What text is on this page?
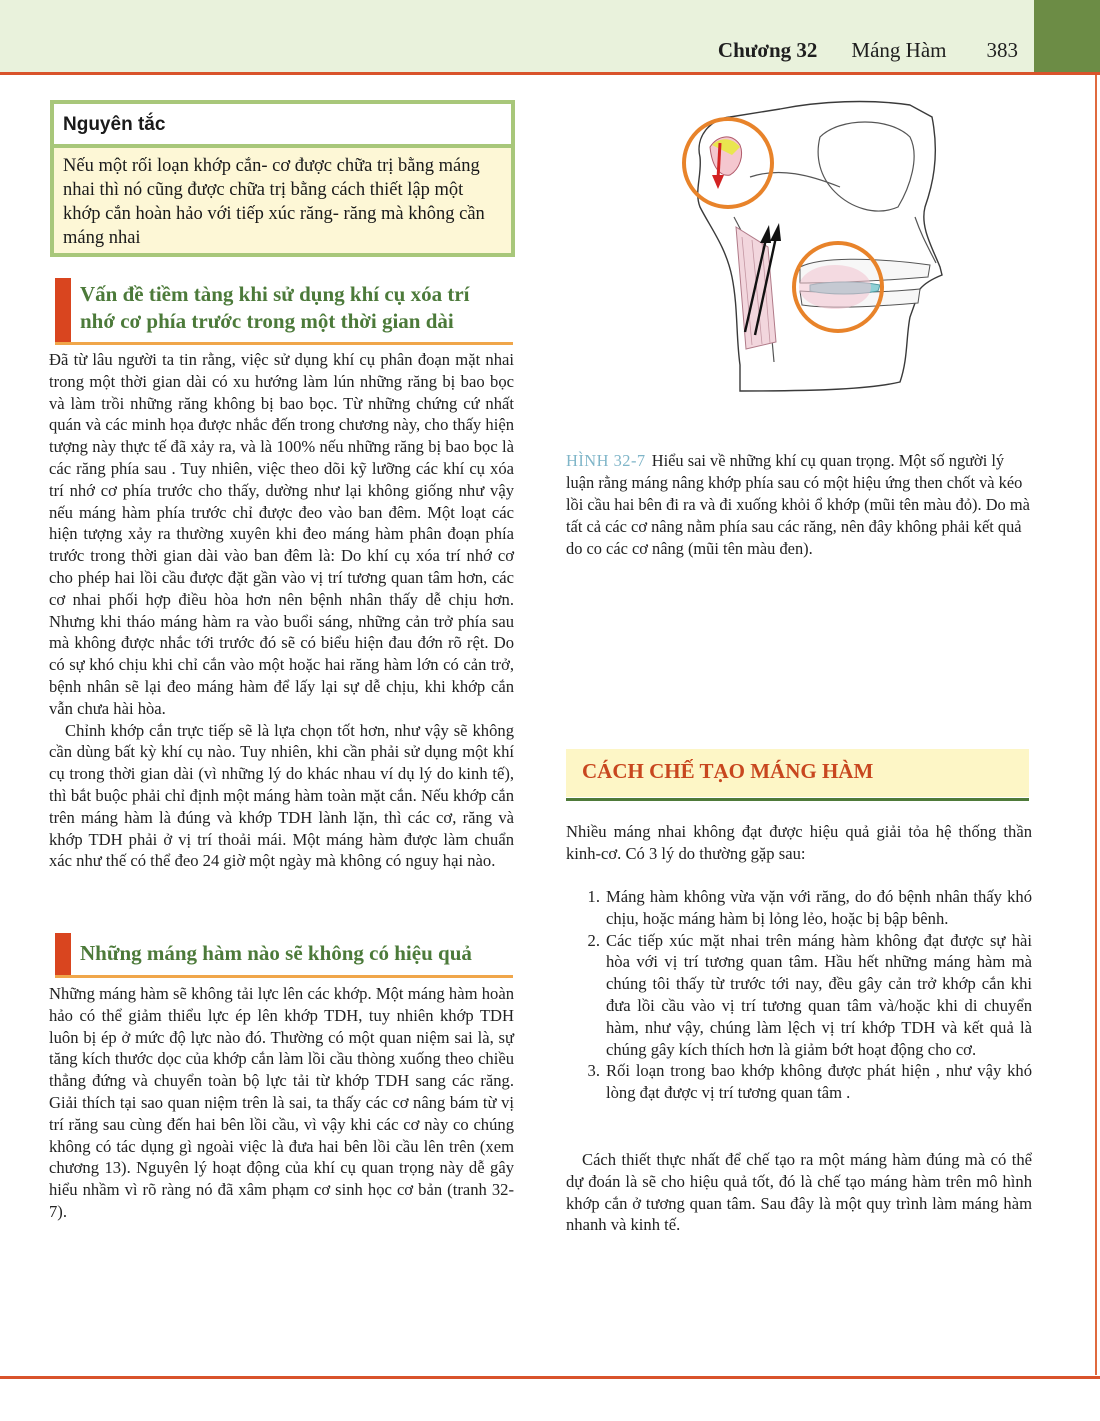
Chương 32 Máng Hàm 383
Nguyên tắc
Nếu một rối loạn khớp cắn- cơ được chữa trị bằng máng nhai thì nó cũng được chữa trị bằng cách thiết lập một khớp cắn hoàn hảo với tiếp xúc răng- răng mà không cần máng nhai
Vấn đề tiềm tàng khi sử dụng khí cụ xóa trí
nhớ cơ phía trước trong một thời gian dài

Đã từ lâu người ta tin rằng, việc sử dụng khí cụ phân đoạn mặt nhai trong một thời gian dài có xu hướng làm lún những răng bị bao bọc và làm trồi những răng không bị bao bọc. Từ những chứng cứ nhất quán và các minh họa được nhắc đến trong chương này, cho thấy hiện tượng này thực tế đã xảy ra, và là 100% nếu những răng bị bao bọc là các răng phía sau . Tuy nhiên, việc theo dõi kỹ lưỡng các khí cụ xóa trí nhớ cơ phía trước cho thấy, dường như lại không giống như vậy nếu máng hàm phía trước chỉ được đeo vào ban đêm. Một loạt các hiện tượng xảy ra thường xuyên khi đeo máng hàm phân đoạn phía trước trong thời gian dài vào ban đêm là: Do khí cụ xóa trí nhớ cơ cho phép hai lồi cầu được đặt gần vào vị trí tương quan tâm hơn, các cơ nhai phối hợp điều hòa hơn nên bệnh nhân thấy dễ chịu hơn. Nhưng khi tháo máng hàm ra vào buổi sáng, những cản trở phía sau mà không được nhắc tới trước đó sẽ có biểu hiện đau đớn rõ rệt. Do có sự khó chịu khi chỉ cắn vào một hoặc hai răng hàm lớn có cản trở, bệnh nhân sẽ lại đeo máng hàm để lấy lại sự dễ chịu, khi khớp cắn vẫn chưa hài hòa.

Chỉnh khớp cắn trực tiếp sẽ là lựa chọn tốt hơn, như vậy sẽ không cần dùng bất kỳ khí cụ nào. Tuy nhiên, khi cần phải sử dụng một khí cụ trong thời gian dài (vì những lý do khác nhau ví dụ lý do kinh tế), thì bắt buộc phải chỉ định một máng hàm toàn mặt cắn. Nếu khớp cắn trên máng hàm là đúng và khớp TDH lành lặn, thì các cơ, răng và khớp TDH phải ở vị trí thoải mái. Một máng hàm được làm chuẩn xác như thế có thể đeo 24 giờ một ngày mà không có nguy hại nào.

Những máng hàm nào sẽ không có hiệu quả

Những máng hàm sẽ không tải lực lên các khớp. Một máng hàm hoàn hảo có thể giảm thiểu lực ép lên khớp TDH, tuy nhiên khớp TDH luôn bị ép ở mức độ lực nào đó. Thường có một quan niệm sai là, sự tăng kích thước dọc của khớp cắn làm lồi cầu thòng xuống theo chiều thẳng đứng và chuyển toàn bộ lực tải từ khớp TDH sang các răng. Giải thích tại sao quan niệm trên là sai, ta thấy các cơ nâng bám từ vị trí răng sau cùng đến hai bên lồi cầu, vì vậy khi các cơ này co chúng không có tác dụng gì ngoài việc là đưa hai bên lồi cầu lên trên (xem chương 13). Nguyên lý hoạt động của khí cụ quan trọng này dễ gây hiểu nhầm vì rõ ràng nó đã xâm phạm cơ sinh học cơ bản (tranh 32-7).

HÌNH 32-7 Hiểu sai về những khí cụ quan trọng. Một số người lý luận rằng máng nâng khớp phía sau có một hiệu ứng then chốt và kéo lồi cầu hai bên đi ra và đi xuống khỏi ổ khớp (mũi tên màu đỏ). Do mà tất cả các cơ nâng nằm phía sau các răng, nên đây không phải kết quả do co các cơ nâng (mũi tên màu đen).
CÁCH CHẾ TẠO MÁNG HÀM

Nhiều máng nhai không đạt được hiệu quả giải tỏa hệ thống thần kinh-cơ. Có 3 lý do thường gặp sau:

1. Máng hàm không vừa vặn với răng, do đó bệnh nhân thấy khó chịu, hoặc máng hàm bị lỏng lẻo, hoặc bị bập bênh.
2. Các tiếp xúc mặt nhai trên máng hàm không đạt được sự hài hòa với vị trí tương quan tâm. Hầu hết những máng hàm mà chúng tôi thấy từ trước tới nay, đều gây cản trở khớp cắn khi đưa lồi cầu vào vị trí tương quan tâm và/hoặc khi di chuyển hàm, như vậy, chúng làm lệch vị trí khớp TDH và kết quả là chúng gây kích thích hơn là giảm bớt hoạt động cho cơ.
3. Rối loạn trong bao khớp không được phát hiện , như vậy khó lòng đạt được vị trí tương quan tâm .

Cách thiết thực nhất để chế tạo ra một máng hàm đúng mà có thể dự đoán là sẽ cho hiệu quả tốt, đó là chế tạo máng hàm trên mô hình khớp cắn ở tương quan tâm. Sau đây là một quy trình làm máng hàm nhanh và kinh tế.
